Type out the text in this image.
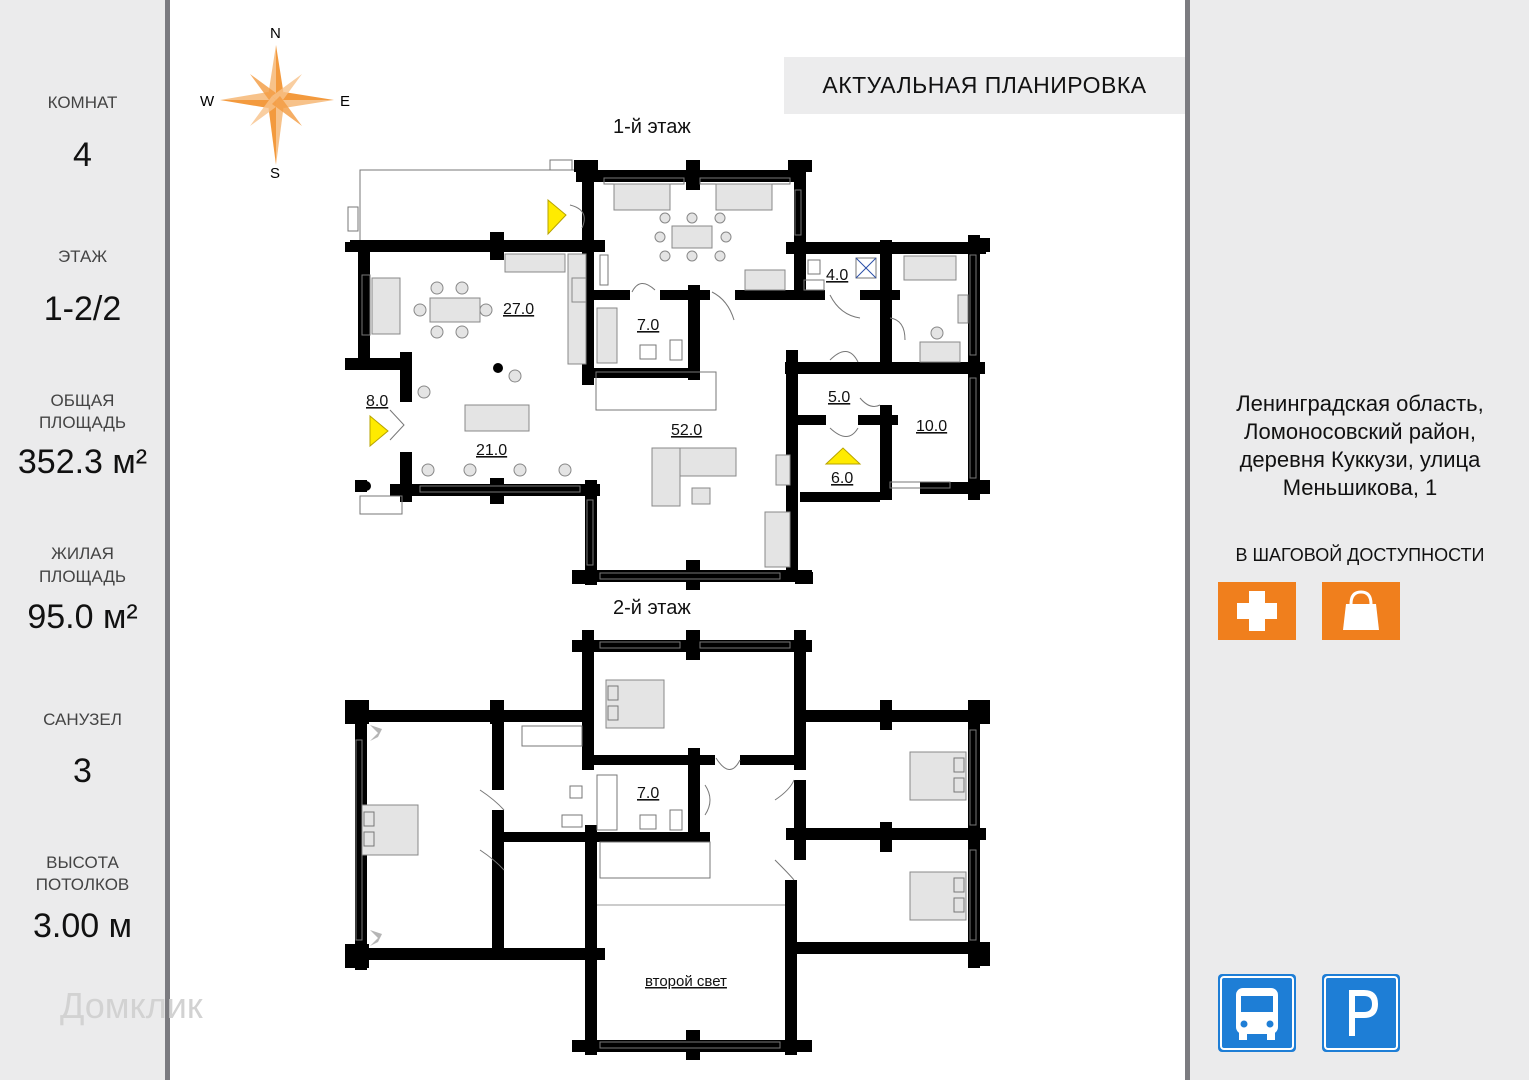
КОМНАТ
4
ЭТАЖ
1-2/2
ОБЩАЯ
ПЛОЩАДЬ
352.3 м²
ЖИЛАЯ
ПЛОЩАДЬ
95.0 м²
САНУЗЕЛ
3
ВЫСОТА
ПОТОЛКОВ
3.00 м
N
S
E
W
АКТУАЛЬНАЯ ПЛАНИРОВКА
1-й этаж
2-й этаж
27.0
7.0
4.0
8.0
21.0
52.0
5.0
10.0
6.0
7.0
второй свет
Ленинградская область,
Ломоносовский район,
деревня Куккузи, улица
Меньшикова, 1
В ШАГОВОЙ ДОСТУПНОСТИ
Домклик
